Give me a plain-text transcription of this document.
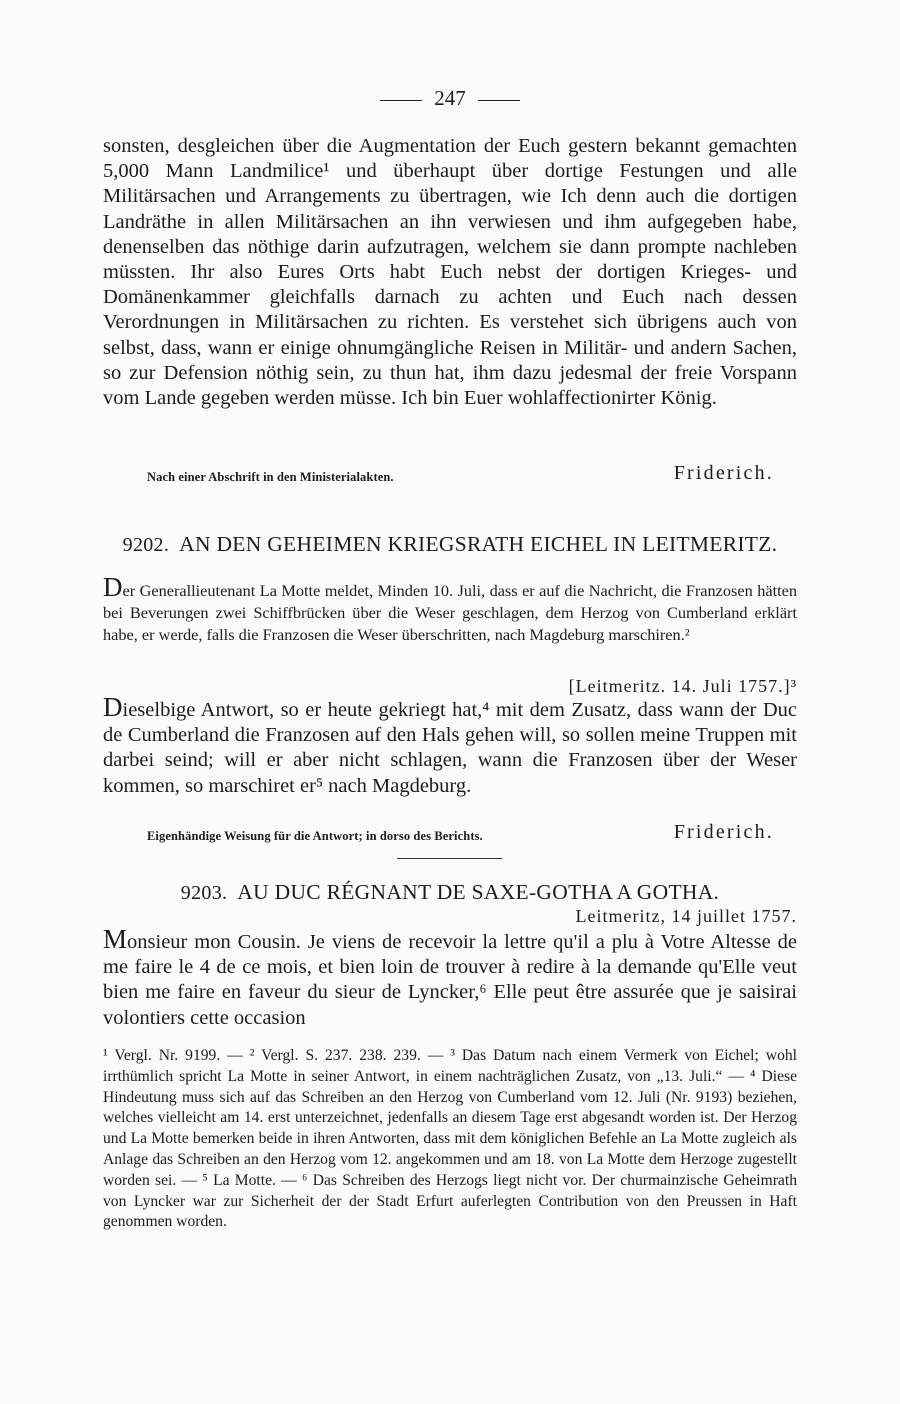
247
sonsten, desgleichen über die Augmentation der Euch gestern bekannt gemachten 5,000 Mann Landmilice¹ und überhaupt über dortige Festungen und alle Militärsachen und Arrangements zu übertragen, wie Ich denn auch die dortigen Landräthe in allen Militärsachen an ihn verwiesen und ihm aufgegeben habe, denenselben das nöthige darin aufzutragen, welchem sie dann prompte nachleben müssten. Ihr also Eures Orts habt Euch nebst der dortigen Krieges- und Domänenkammer gleichfalls darnach zu achten und Euch nach dessen Verordnungen in Militärsachen zu richten. Es verstehet sich übrigens auch von selbst, dass, wann er einige ohnumgängliche Reisen in Militär- und andern Sachen, so zur Defension nöthig sein, zu thun hat, ihm dazu jedesmal der freie Vorspann vom Lande gegeben werden müsse. Ich bin Euer wohlaffectionirter König.
Nach einer Abschrift in den Ministerialakten.	Friderich.
9202. AN DEN GEHEIMEN KRIEGSRATH EICHEL IN LEITMERITZ.
Der Generallieutenant La Motte meldet, Minden 10. Juli, dass er auf die Nachricht, die Franzosen hätten bei Beverungen zwei Schiffbrücken über die Weser geschlagen, dem Herzog von Cumberland erklärt habe, er werde, falls die Franzosen die Weser überschritten, nach Magdeburg marschiren.²
[Leitmeritz. 14. Juli 1757.]³
Dieselbige Antwort, so er heute gekriegt hat,⁴ mit dem Zusatz, dass wann der Duc de Cumberland die Franzosen auf den Hals gehen will, so sollen meine Truppen mit darbei seind; will er aber nicht schlagen, wann die Franzosen über der Weser kommen, so marschiret er⁵ nach Magdeburg.
Eigenhändige Weisung für die Antwort; in dorso des Berichts.	Friderich.
9203. AU DUC RÉGNANT DE SAXE-GOTHA A GOTHA.
Leitmeritz, 14 juillet 1757.
Monsieur mon Cousin. Je viens de recevoir la lettre qu'il a plu à Votre Altesse de me faire le 4 de ce mois, et bien loin de trouver à redire à la demande qu'Elle veut bien me faire en faveur du sieur de Lyncker,⁶ Elle peut être assurée que je saisirai volontiers cette occasion
¹ Vergl. Nr. 9199. — ² Vergl. S. 237. 238. 239. — ³ Das Datum nach einem Vermerk von Eichel; wohl irrthümlich spricht La Motte in seiner Antwort, in einem nachträglichen Zusatz, von „13. Juli.“ — ⁴ Diese Hindeutung muss sich auf das Schreiben an den Herzog von Cumberland vom 12. Juli (Nr. 9193) beziehen, welches vielleicht am 14. erst unterzeichnet, jedenfalls an diesem Tage erst abgesandt worden ist. Der Herzog und La Motte bemerken beide in ihren Antworten, dass mit dem königlichen Befehle an La Motte zugleich als Anlage das Schreiben an den Herzog vom 12. angekommen und am 18. von La Motte dem Herzoge zugestellt worden sei. — ⁵ La Motte. — ⁶ Das Schreiben des Herzogs liegt nicht vor. Der churmainzische Geheimrath von Lyncker war zur Sicherheit der der Stadt Erfurt auferlegten Contribution von den Preussen in Haft genommen worden.
